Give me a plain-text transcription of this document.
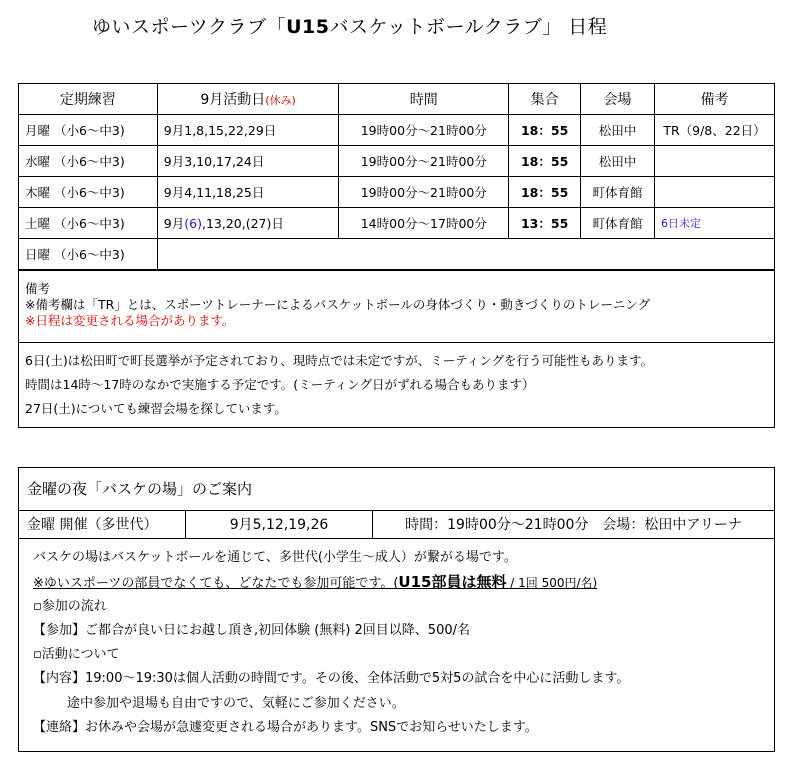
ゆいスポーツクラブ「U15バスケットボールクラブ」 日程
定期練習	9月活動日(休み)	時間	集合	会場	備考
月曜 （小6～中3)	9月1,8,15,22,29日	19時00分～21時00分	18：55	松田中	TR（9/8、22日）
水曜 （小6～中3)	9月3,10,17,24日	19時00分～21時00分	18：55	松田中	
木曜 （小6～中3)	9月4,11,18,25日	19時00分～21時00分	18：55	町体育館	
土曜 （小6～中3)	9月(6),13,20,(27)日	14時00分～17時00分	13：55	町体育館	6日未定
日曜 （小6～中3)					
備考
※備考欄は「TR」とは、スポーツトレーナーによるバスケットボールの身体づくり・動きづくりのトレーニング
※日程は変更される場合があります。
6日(土)は松田町で町長選挙が予定されており、現時点では未定ですが、ミーティングを行う可能性もあります。
時間は14時～17時のなかで実施する予定です。(ミーティング日がずれる場合もあります）
27日(土)についても練習会場を探しています。
金曜の夜「バスケの場」のご案内
金曜 開催（多世代）	9月5,12,19,26	時間：19時00分～21時00分　会場：松田中アリーナ
バスケの場はバスケットボールを通じて、多世代(小学生～成人）が繋がる場です。
※ゆいスポーツの部員でなくても、どなたでも参加可能です。(U15部員は無料 / 1回 500円/名)
▫参加の流れ
【参加】ご都合が良い日にお越し頂き,初回体験 (無料) 2回目以降、500/名
▫活動について
【内容】19:00～19:30は個人活動の時間です。その後、全体活動で5対5の試合を中心に活動します。
途中参加や退場も自由ですので、気軽にご参加ください。
【連絡】お休みや会場が急遽変更される場合があります。SNSでお知らせいたします。
